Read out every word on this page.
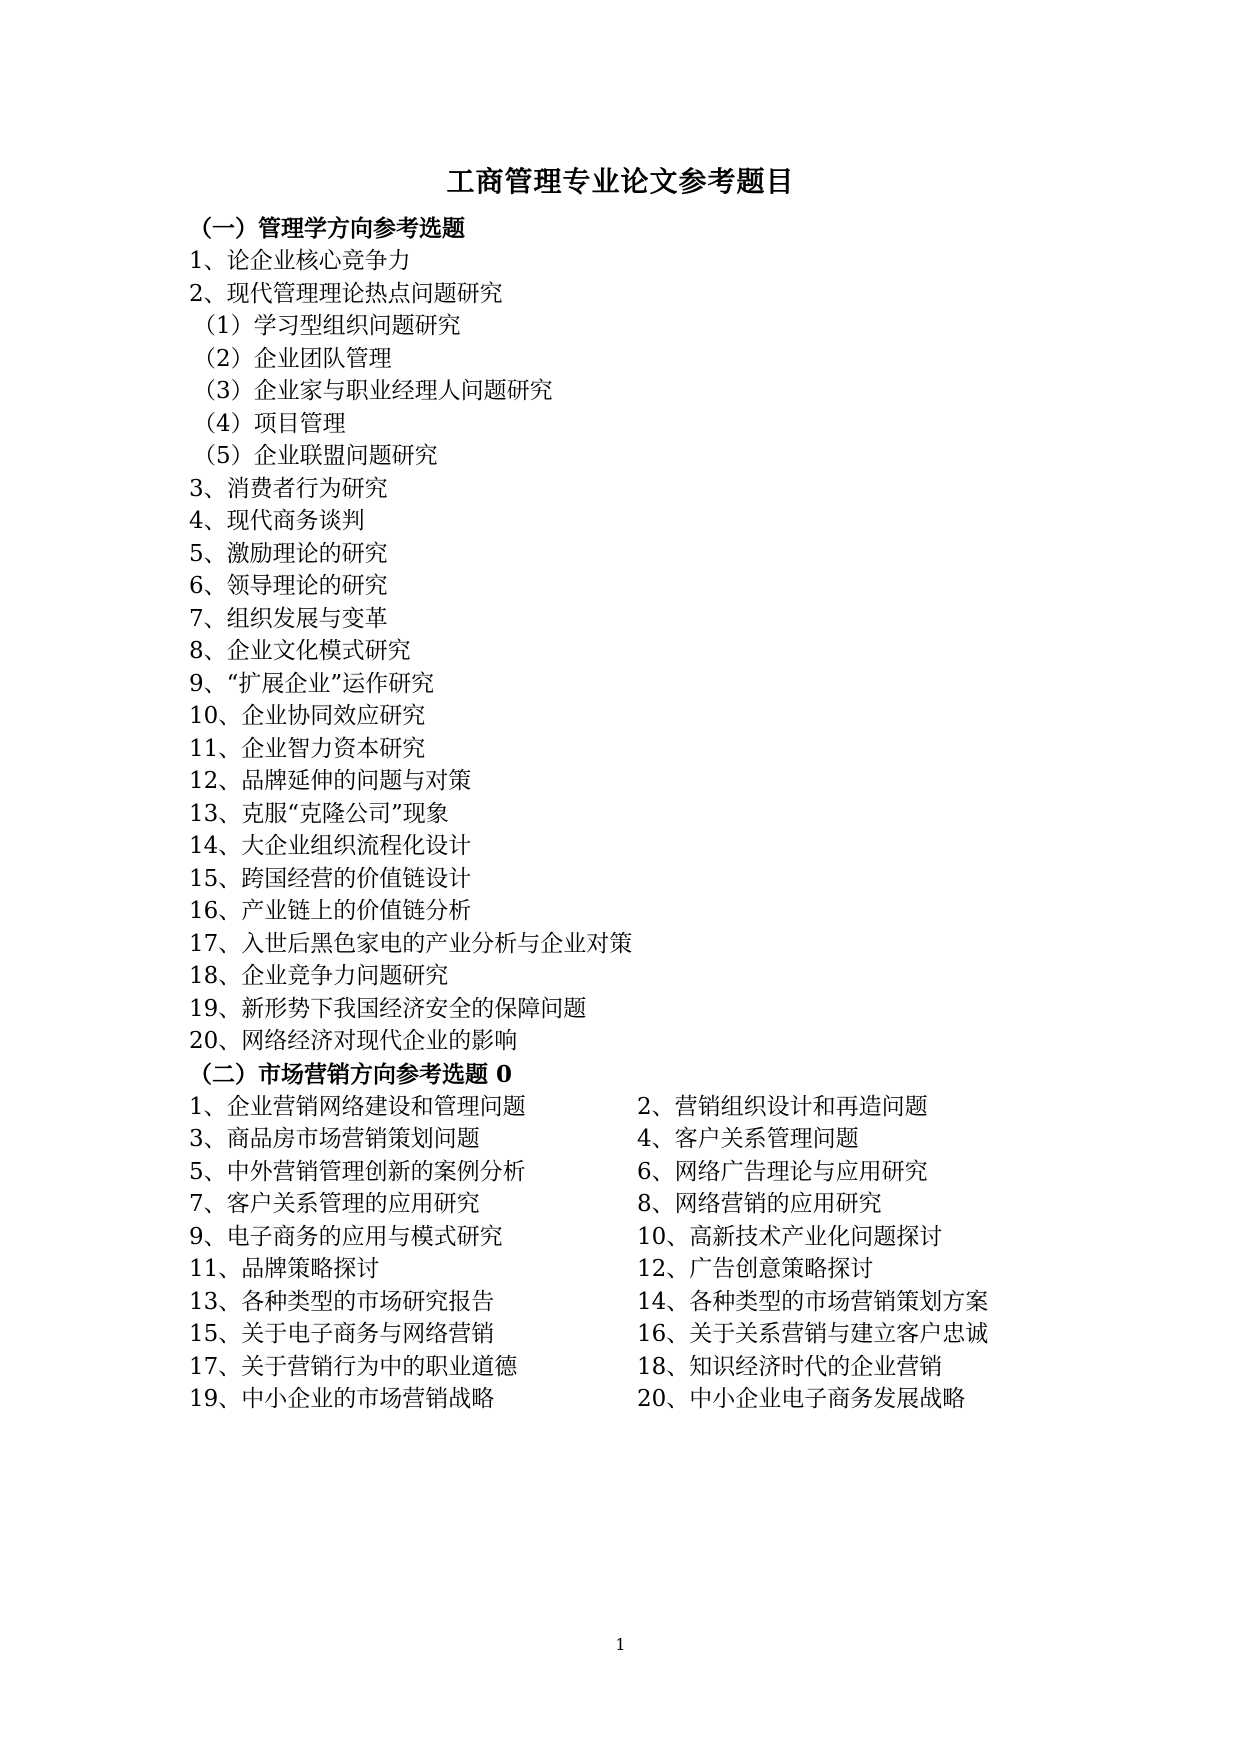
工商管理专业论文参考题目
（一）管理学方向参考选题
1、论企业核心竞争力
2、现代管理理论热点问题研究
（1）学习型组织问题研究
（2）企业团队管理
（3）企业家与职业经理人问题研究
（4）项目管理
（5）企业联盟问题研究
3、消费者行为研究
4、现代商务谈判
5、激励理论的研究
6、领导理论的研究
7、组织发展与变革
8、企业文化模式研究
9、“扩展企业”运作研究
10、企业协同效应研究
11、企业智力资本研究
12、品牌延伸的问题与对策
13、克服“克隆公司”现象
14、大企业组织流程化设计
15、跨国经营的价值链设计
16、产业链上的价值链分析
17、入世后黑色家电的产业分析与企业对策
18、企业竞争力问题研究
19、新形势下我国经济安全的保障问题
20、网络经济对现代企业的影响
（二）市场营销方向参考选题 0
1、企业营销网络建设和管理问题	2、营销组织设计和再造问题
3、商品房市场营销策划问题	4、客户关系管理问题
5、中外营销管理创新的案例分析	6、网络广告理论与应用研究
7、客户关系管理的应用研究	8、网络营销的应用研究
9、电子商务的应用与模式研究	10、高新技术产业化问题探讨
11、品牌策略探讨	12、广告创意策略探讨
13、各种类型的市场研究报告	14、各种类型的市场营销策划方案
15、关于电子商务与网络营销	16、关于关系营销与建立客户忠诚
17、关于营销行为中的职业道德	18、知识经济时代的企业营销
19、中小企业的市场营销战略	20、中小企业电子商务发展战略
1
